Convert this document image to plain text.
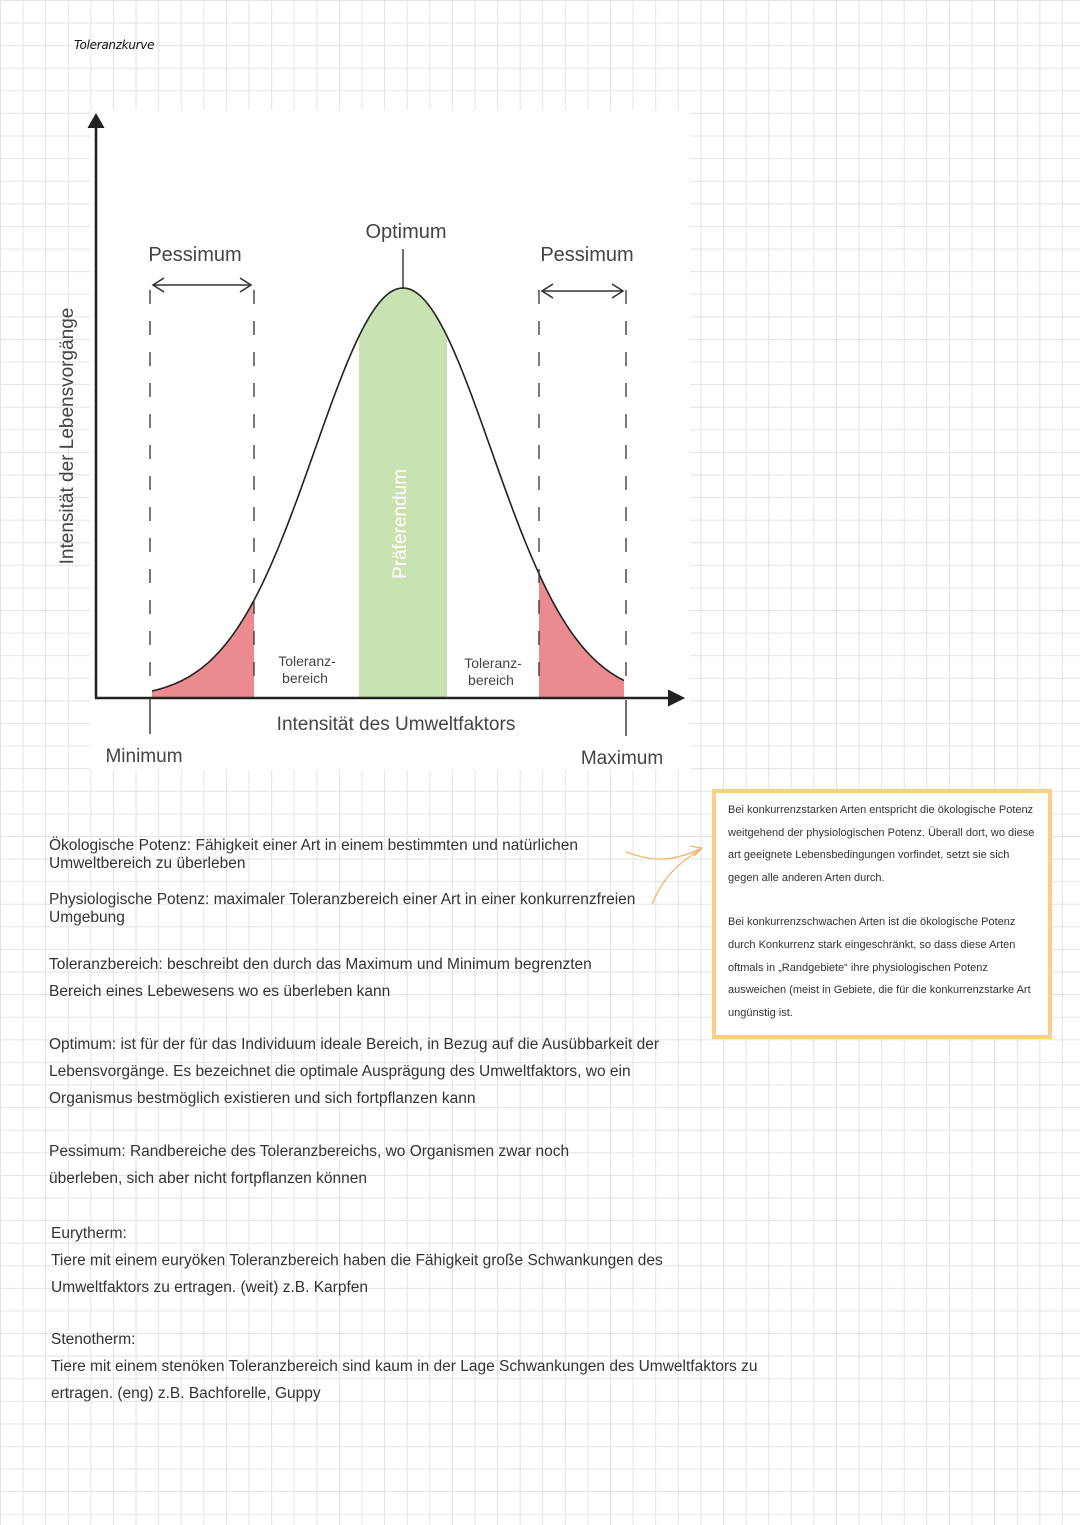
Toleranzkurve
Optimum
Pessimum	Pessimum
Toleranz-
bereich
Toleranz-
bereich
Präferendum
Intensität der Lebensvorgänge
Intensität des Umweltfaktors
Minimum	Maximum

Ökologische Potenz: Fähigkeit einer Art in einem bestimmten und natürlichen Umweltbereich zu überleben

Physiologische Potenz: maximaler Toleranzbereich einer Art in einer konkurrenzfreien Umgebung

Toleranzbereich: beschreibt den durch das Maximum und Minimum begrenzten Bereich eines Lebewesens wo es überleben kann

Optimum: ist für der für das Individuum ideale Bereich, in Bezug auf die Ausübbarkeit der Lebensvorgänge. Es bezeichnet die optimale Ausprägung des Umweltfaktors, wo ein Organismus bestmöglich existieren und sich fortpflanzen kann

Pessimum: Randbereiche des Toleranzbereichs, wo Organismen zwar noch überleben, sich aber nicht fortpflanzen können

Eurytherm:

Tiere mit einem euryöken Toleranzbereich haben die Fähigkeit große Schwankungen des Umweltfaktors zu ertragen. (weit) z.B. Karpfen

Stenotherm:

Tiere mit einem stenöken Toleranzbereich sind kaum in der Lage Schwankungen des Umweltfaktors zu ertragen. (eng) z.B. Bachforelle, Guppy

Bei konkurrenzstarken Arten entspricht die ökologische Potenz weitgehend der physiologischen Potenz. Überall dort, wo diese art geeignete Lebensbedingungen vorfindet, setzt sie sich gegen alle anderen Arten durch.

Bei konkurrenzschwachen Arten ist die ökologische Potenz durch Konkurrenz stark eingeschränkt, so dass diese Arten oftmals in „Randgebiete“ ihre physiologischen Potenz ausweichen (meist in Gebiete, die für die konkurrenzstarke Art ungünstig ist.
